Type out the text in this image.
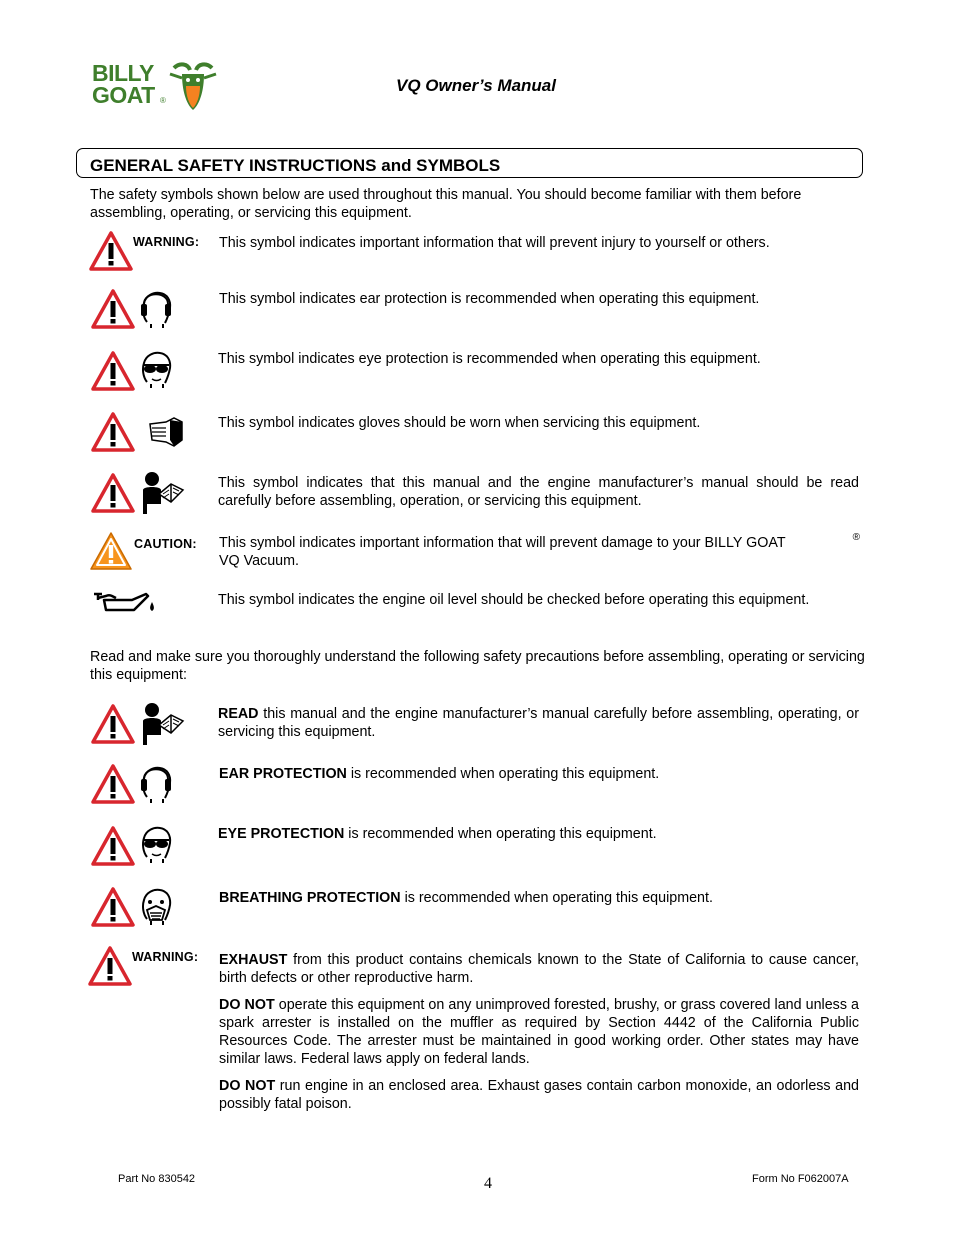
BILLY
GOAT ®
VQ Owner’s Manual
GENERAL SAFETY INSTRUCTIONS and SYMBOLS
The safety symbols shown below are used throughout this manual. You should become familiar with them before assembling, operating, or servicing this equipment.
WARNING: This symbol indicates important information that will prevent injury to yourself or others.
This symbol indicates ear protection is recommended when operating this equipment.
This symbol indicates eye protection is recommended when operating this equipment.
This symbol indicates gloves should be worn when servicing this equipment.
This symbol indicates that this manual and the engine manufacturer’s manual should be read carefully before assembling, operation, or servicing this equipment.
CAUTION: This symbol indicates important information that will prevent damage to your BILLY GOAT	®
VQ Vacuum.
This symbol indicates the engine oil level should be checked before operating this equipment.
Read and make sure you thoroughly understand the following safety precautions before assembling, operating or servicing this equipment:
READ this manual and the engine manufacturer’s manual carefully before assembling, operating, or servicing this equipment.
EAR PROTECTION is recommended when operating this equipment.
EYE PROTECTION is recommended when operating this equipment.
BREATHING PROTECTION is recommended when operating this equipment.
WARNING: EXHAUST from this product contains chemicals known to the State of California to cause cancer, birth defects or other reproductive harm.
DO NOT operate this equipment on any unimproved forested, brushy, or grass covered land unless a spark arrester is installed on the muffler as required by Section 4442 of the California Public Resources Code. The arrester must be maintained in good working order. Other states may have similar laws. Federal laws apply on federal lands.
DO NOT run engine in an enclosed area. Exhaust gases contain carbon monoxide, an odorless and possibly fatal poison.
Part No 830542	4	Form No F062007A
